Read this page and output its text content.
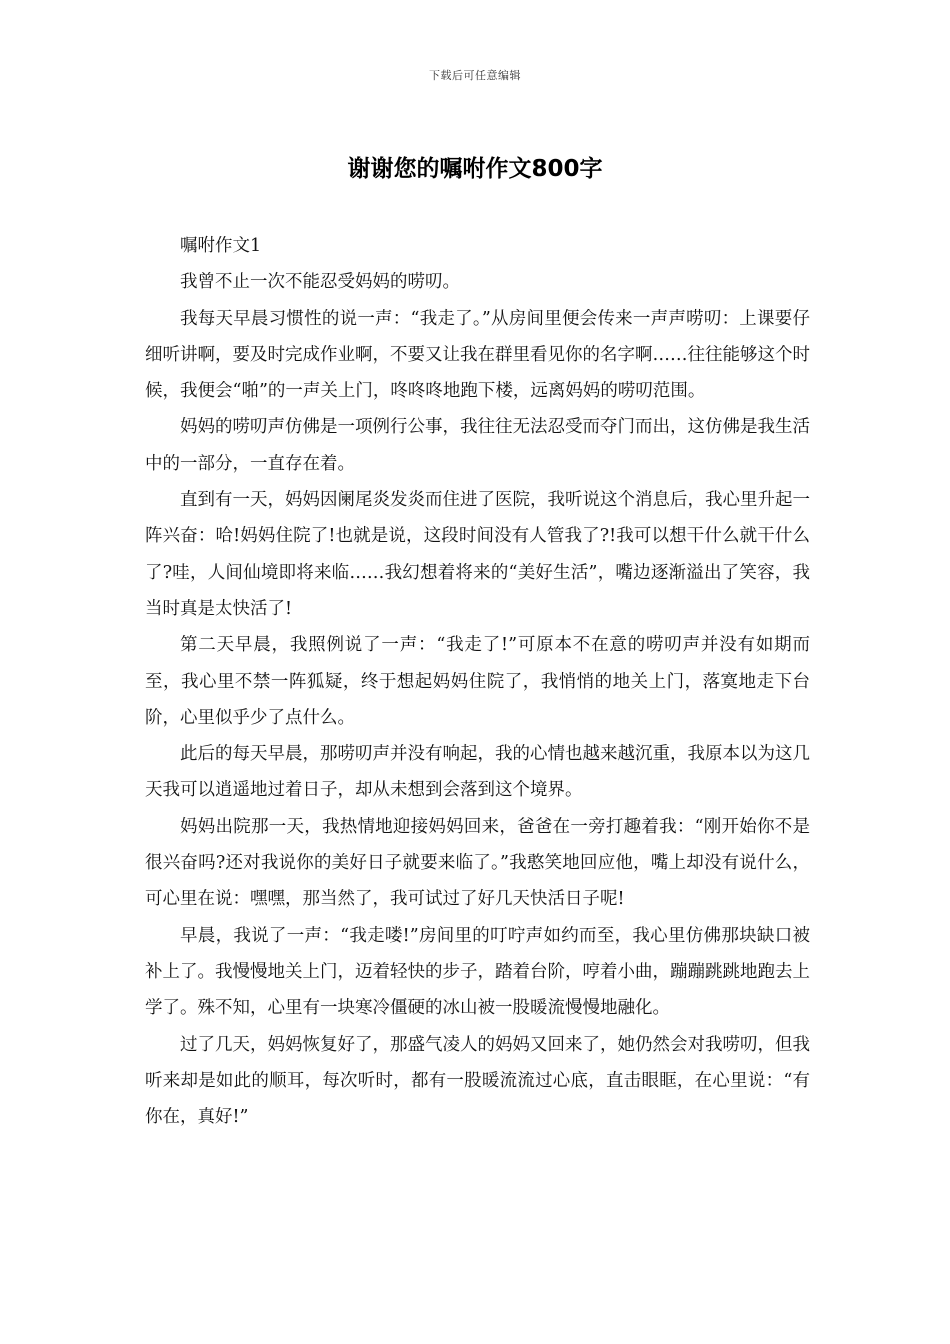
下载后可任意编辑
谢谢您的嘱咐作文800字

嘱咐作文1

我曾不止一次不能忍受妈妈的唠叨。

我每天早晨习惯性的说一声：“我走了。”从房间里便会传来一声声唠叨：上课要仔细听讲啊，要及时完成作业啊，不要又让我在群里看见你的名字啊……往往能够这个时候，我便会“啪”的一声关上门，咚咚咚地跑下楼，远离妈妈的唠叨范围。

妈妈的唠叨声仿佛是一项例行公事，我往往无法忍受而夺门而出，这仿佛是我生活中的一部分，一直存在着。

直到有一天，妈妈因阑尾炎发炎而住进了医院，我听说这个消息后，我心里升起一阵兴奋：哈!妈妈住院了!也就是说，这段时间没有人管我了?!我可以想干什么就干什么了?哇，人间仙境即将来临……我幻想着将来的“美好生活”，嘴边逐渐溢出了笑容，我当时真是太快活了!

第二天早晨，我照例说了一声：“我走了!”可原本不在意的唠叨声并没有如期而至，我心里不禁一阵狐疑，终于想起妈妈住院了，我悄悄的地关上门，落寞地走下台阶，心里似乎少了点什么。

此后的每天早晨，那唠叨声并没有响起，我的心情也越来越沉重，我原本以为这几天我可以逍遥地过着日子，却从未想到会落到这个境界。

妈妈出院那一天，我热情地迎接妈妈回来，爸爸在一旁打趣着我：“刚开始你不是很兴奋吗?还对我说你的美好日子就要来临了。”我憨笑地回应他，嘴上却没有说什么，可心里在说：嘿嘿，那当然了，我可试过了好几天快活日子呢!

早晨，我说了一声：“我走喽!”房间里的叮咛声如约而至，我心里仿佛那块缺口被补上了。我慢慢地关上门，迈着轻快的步子，踏着台阶，哼着小曲，蹦蹦跳跳地跑去上学了。殊不知，心里有一块寒冷僵硬的冰山被一股暖流慢慢地融化。

过了几天，妈妈恢复好了，那盛气凌人的妈妈又回来了，她仍然会对我唠叨，但我听来却是如此的顺耳，每次听时，都有一股暖流流过心底，直击眼眶，在心里说：“有你在，真好!”
